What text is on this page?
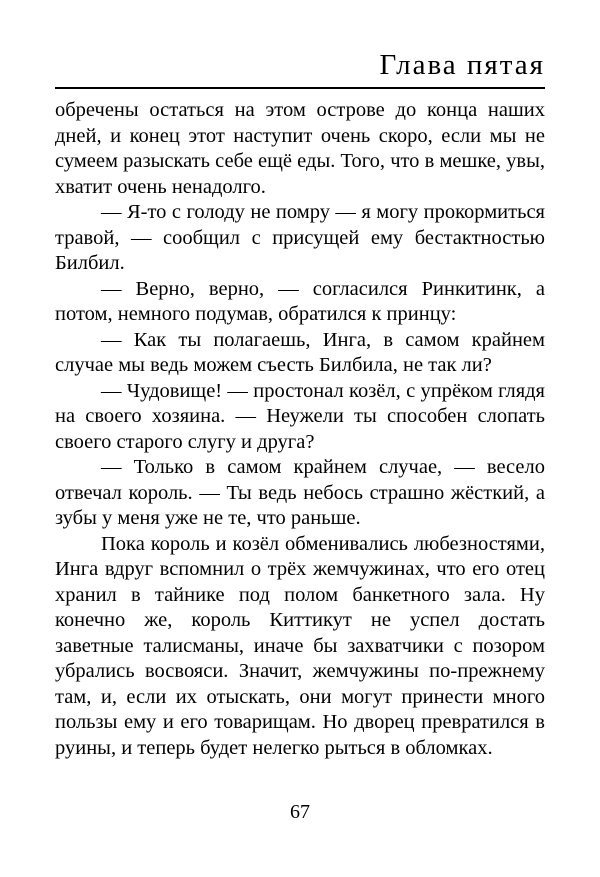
Глава пятая

обречены остаться на этом острове до конца наших дней, и конец этот наступит очень скоро, если мы не сумеем разыскать себе ещё еды. Того, что в мешке, увы, хватит очень ненадолго.

— Я-то с голоду не помру — я могу прокормиться травой, — сообщил с присущей ему бестактностью Билбил.

— Верно, верно, — согласился Ринкитинк, а потом, немного подумав, обратился к принцу:

— Как ты полагаешь, Инга, в самом крайнем случае мы ведь можем съесть Билбила, не так ли?

— Чудовище! — простонал козёл, с упрёком глядя на своего хозяина. — Неужели ты способен слопать своего старого слугу и друга?

— Только в самом крайнем случае, — весело отвечал король. — Ты ведь небось страшно жёсткий, а зубы у меня уже не те, что раньше.

Пока король и козёл обменивались любезностями, Инга вдруг вспомнил о трёх жемчужинах, что его отец хранил в тайнике под полом банкетного зала. Ну конечно же, король Киттикут не успел достать заветные талисманы, иначе бы захватчики с позором убрались восвояси. Значит, жемчужины по-прежнему там, и, если их отыскать, они могут принести много пользы ему и его товарищам. Но дворец превратился в руины, и теперь будет нелегко рыться в обломках.

67
